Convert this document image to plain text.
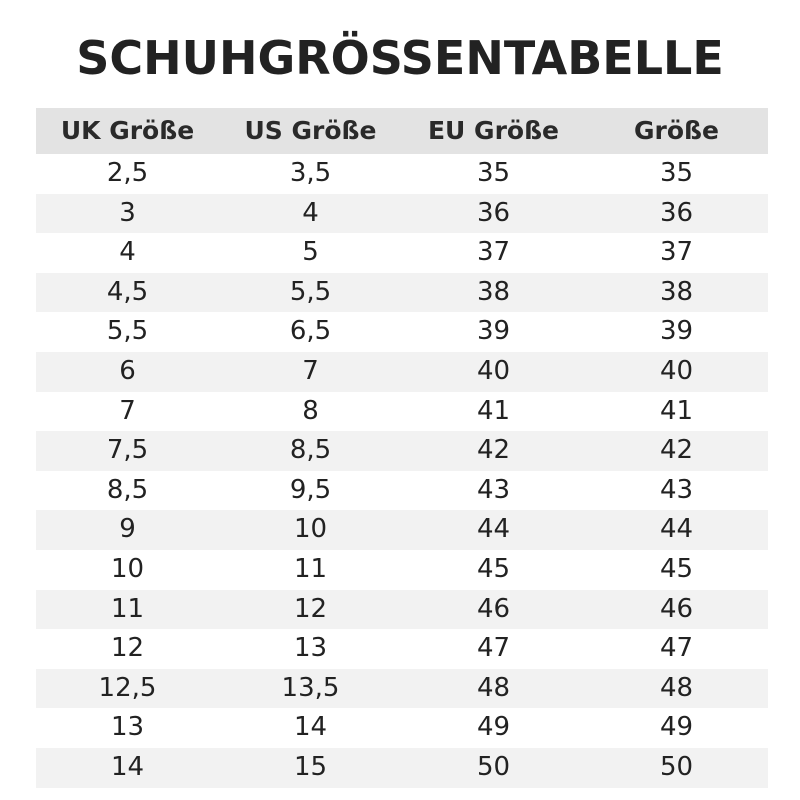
SCHUHGRÖSSENTABELLE
UK Größe	US Größe	EU Größe	Größe
2,5	3,5	35	35
3	4	36	36
4	5	37	37
4,5	5,5	38	38
5,5	6,5	39	39
6	7	40	40
7	8	41	41
7,5	8,5	42	42
8,5	9,5	43	43
9	10	44	44
10	11	45	45
11	12	46	46
12	13	47	47
12,5	13,5	48	48
13	14	49	49
14	15	50	50
